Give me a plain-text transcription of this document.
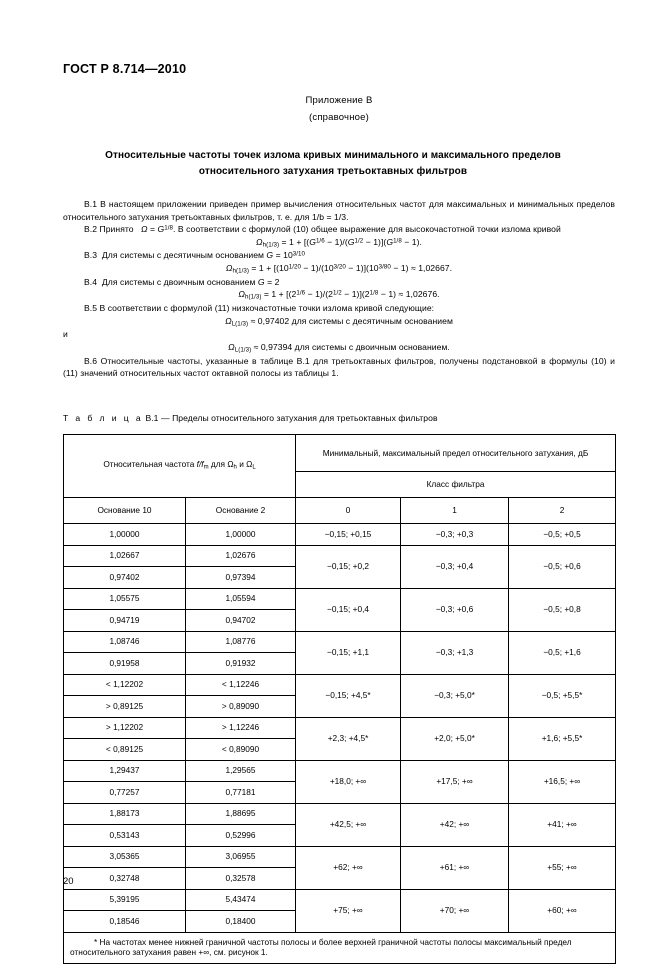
ГОСТ Р 8.714—2010
Приложение В
(справочное)
Относительные частоты точек излома кривых минимального и максимального пределов
относительного затухания третьоктавных фильтров

В.1 В настоящем приложении приведен пример вычисления относительных частот для максимальных и минимальных пределов относительного затухания третьоктавных фильтров, т. е. для 1/b = 1/3.

В.2 Принято $\Omega = G^{1/8}$. В соответствии с формулой (10) общее выражение для высокочастотной точки излома кривой

$\Omega_{h(1/3)} = 1 + [(G^{1/6} - 1)/(G^{1/2} - 1)](G^{1/8} - 1)$.

В.3  Для системы с десятичным основанием $G = 10^{3/10}$

$\Omega_{h(1/3)} = 1 + [(10^{1/20} - 1)/(10^{3/20} - 1)](10^{3/80} - 1) \approx 1,02667$.

В.4  Для системы с двоичным основанием G = 2

$\Omega_{h(1/3)} = 1 + [(2^{1/6} - 1)/(2^{1/2} - 1)](2^{1/8} - 1) \approx 1,02676$.

В.5 В соответствии с формулой (11) низкочастотные точки излома кривой следующие:

$\Omega_{L(1/3)} \approx 0,97402$ для системы с десятичным основанием

и

$\Omega_{L(1/3)} \approx 0,97394$ для системы с двоичным основанием.

В.6 Относительные частоты, указанные в таблице В.1 для третьоктавных фильтров, получены подстановкой в формулы (10) и (11) значений относительных частот октавной полосы из таблицы 1.

Т а б л и ц а В.1 — Пределы относительного затухания для третьоктавных фильтров
Относительная частота $f/f_m$ для $\Omega_h$ и $\Omega_L$		Минимальный, максимальный предел относительного затухания, дБ		
		Класс фильтра		
Основание 10	Основание 2	0	1	2
1,00000	1,00000	−0,15; +0,15	−0,3; +0,3	−0,5; +0,5
1,02667	1,02676	−0,15; +0,2	−0,3; +0,4	−0,5; +0,6
0,97402	0,97394			
1,05575	1,05594	−0,15; +0,4	−0,3; +0,6	−0,5; +0,8
0,94719	0,94702			
1,08746	1,08776	−0,15; +1,1	−0,3; +1,3	−0,5; +1,6
0,91958	0,91932			
< 1,12202	< 1,12246	−0,15; +4,5*	−0,3; +5,0*	−0,5; +5,5*
> 0,89125	> 0,89090			
> 1,12202	> 1,12246	+2,3; +4,5*	+2,0; +5,0*	+1,6; +5,5*
< 0,89125	< 0,89090			
1,29437	1,29565	+18,0; +∞	+17,5; +∞	+16,5; +∞
0,77257	0,77181			
1,88173	1,88695	+42,5; +∞	+42; +∞	+41; +∞
0,53143	0,52996			
3,05365	3,06955	+62; +∞	+61; +∞	+55; +∞
0,32748	0,32578			
5,39195	5,43474	+75; +∞	+70; +∞	+60; +∞
0,18546	0,18400			
* На частотах менее нижней граничной частоты полосы и более верхней граничной частоты полосы максимальный предел относительного затухания равен +∞, см. рисунок 1.				
20
